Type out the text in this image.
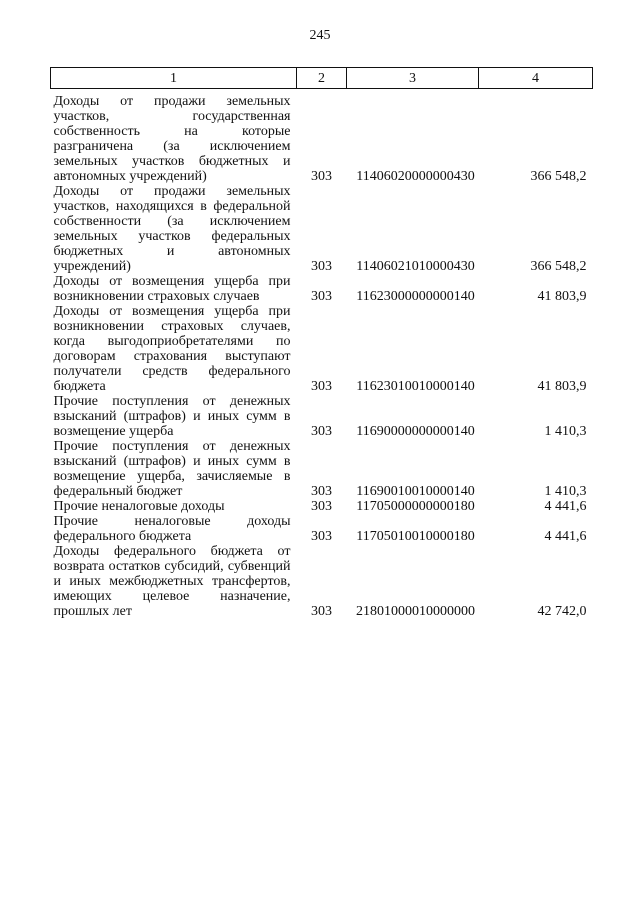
245
1	2	3	4
Доходы от продажи земельных участков, государственная собственность на которые разграничена (за исключением земельных участков бюджетных и автономных учреждений)	303	11406020000000430	366 548,2
Доходы от продажи земельных участков, находящихся в федеральной собственности (за исключением земельных участков федеральных бюджетных и автономных учреждений)	303	11406021010000430	366 548,2
Доходы от возмещения ущерба при возникновении страховых случаев	303	11623000000000140	41 803,9
Доходы от возмещения ущерба при возникновении страховых случаев, когда выгодоприобретателями по договорам страхования выступают получатели средств федерального бюджета	303	11623010010000140	41 803,9
Прочие поступления от денежных взысканий (штрафов) и иных сумм в возмещение ущерба	303	11690000000000140	1 410,3
Прочие поступления от денежных взысканий (штрафов) и иных сумм в возмещение ущерба, зачисляемые в федеральный бюджет	303	11690010010000140	1 410,3
Прочие неналоговые доходы	303	11705000000000180	4 441,6
Прочие неналоговые доходы федерального бюджета	303	11705010010000180	4 441,6
Доходы федерального бюджета от возврата остатков субсидий, субвенций и иных межбюджетных трансфертов, имеющих целевое назначение, прошлых лет	303	21801000010000000	42 742,0
